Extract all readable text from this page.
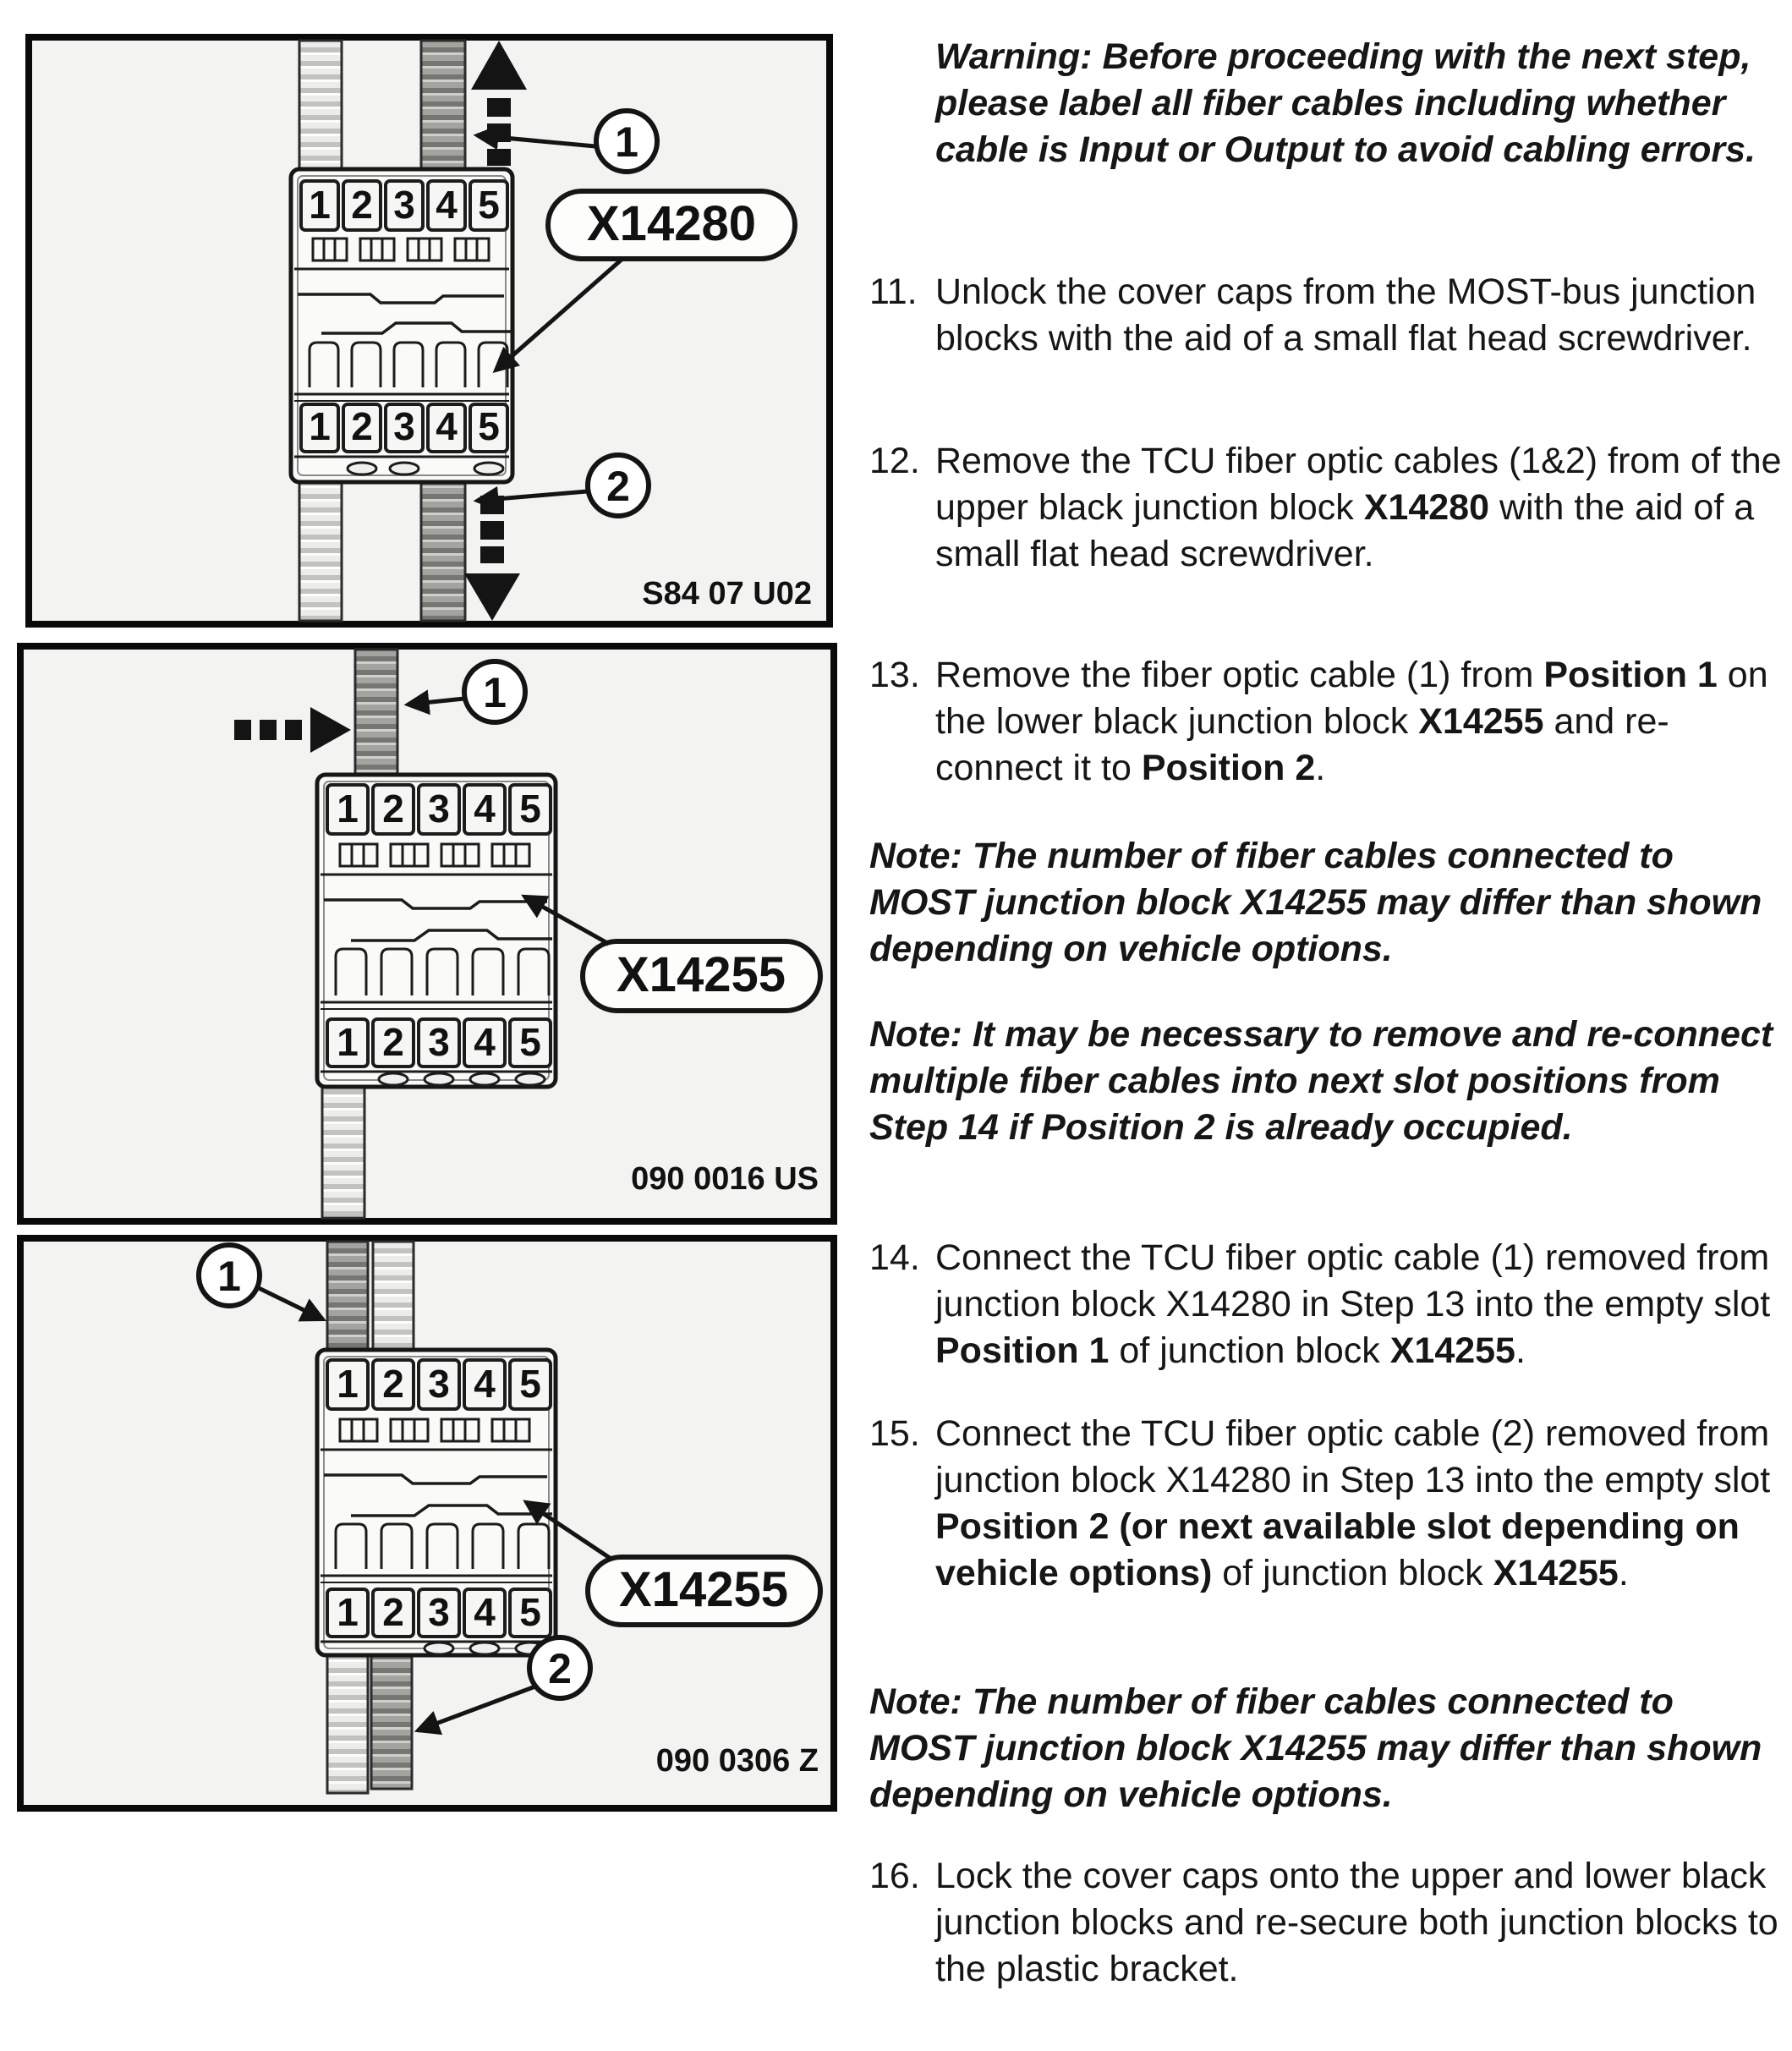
1 2 3 4 5
1 2 3 4 5
X14280
1
2
S84 07 U02
1
1 2 3 4 5
1 2 3 4 5
X14255
090 0016 US
1
1 2 3 4 5
1 2 3 4 5 X14255
2
090 0306 Z
Warning: Before proceeding with the next step, please label all fiber cables including whether cable is Input or Output to avoid cabling errors.
11. Unlock the cover caps from the MOST-bus junction blocks with the aid of a small flat head screwdriver.
12. Remove the TCU fiber optic cables (1&2) from of the upper black junction block X14280 with the aid of a small flat head screwdriver.
13. Remove the fiber optic cable (1) from Position 1 on the lower black junction block X14255 and re-connect it to Position 2.
Note: The number of fiber cables connected to MOST junction block X14255 may differ than shown depending on vehicle options.
Note: It may be necessary to remove and re-connect multiple fiber cables into next slot positions from Step 14 if Position 2 is already occupied.
14. Connect the TCU fiber optic cable (1) removed from junction block X14280 in Step 13 into the empty slot Position 1 of junction block X14255.
15. Connect the TCU fiber optic cable (2) removed from junction block X14280 in Step 13 into the empty slot Position 2 (or next available slot depending on vehicle options) of junction block X14255.
Note: The number of fiber cables connected to MOST junction block X14255 may differ than shown depending on vehicle options.
16. Lock the cover caps onto the upper and lower black junction blocks and re-secure both junction blocks to the plastic bracket.
